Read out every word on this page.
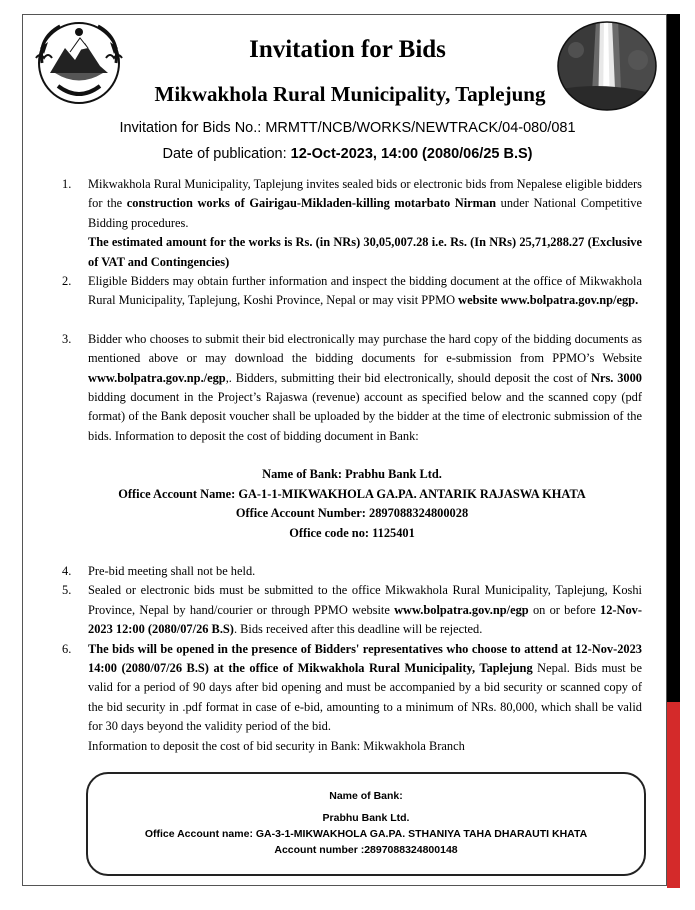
Invitation for Bids
Mikwakhola Rural Municipality, Taplejung
Invitation for Bids No.: MRMTT/NCB/WORKS/NEWTRACK/04-080/081
Date of publication: 12-Oct-2023, 14:00 (2080/06/25 B.S)
1. Mikwakhola Rural Municipality, Taplejung invites sealed bids or electronic bids from Nepalese eligible bidders for the construction works of Gairigau-Mikladen-killing motarbato Nirman under National Competitive Bidding procedures.
The estimated amount for the works is Rs. (in NRs) 30,05,007.28 i.e. Rs. (In NRs) 25,71,288.27 (Exclusive of VAT and Contingencies)
2. Eligible Bidders may obtain further information and inspect the bidding document at the office of Mikwakhola Rural Municipality, Taplejung, Koshi Province, Nepal or may visit PPMO website www.bolpatra.gov.np/egp.
3. Bidder who chooses to submit their bid electronically may purchase the hard copy of the bidding documents as mentioned above or may download the bidding documents for e-submission from PPMO’s Website www.bolpatra.gov.np./egp,. Bidders, submitting their bid electronically, should deposit the cost of Nrs. 3000 bidding document in the Project’s Rajaswa (revenue) account as specified below and the scanned copy (pdf format) of the Bank deposit voucher shall be uploaded by the bidder at the time of electronic submission of the bids. Information to deposit the cost of bidding document in Bank:
Name of Bank: Prabhu Bank Ltd.
Office Account Name: GA-1-1-MIKWAKHOLA GA.PA. ANTARIK RAJASWA KHATA
Office Account Number: 2897088324800028
Office code no: 1125401
4. Pre-bid meeting shall not be held.
5. Sealed or electronic bids must be submitted to the office Mikwakhola Rural Municipality, Taplejung, Koshi Province, Nepal by hand/courier or through PPMO website www.bolpatra.gov.np/egp on or before 12-Nov-2023 12:00 (2080/07/26 B.S). Bids received after this deadline will be rejected.
6. The bids will be opened in the presence of Bidders' representatives who choose to attend at 12-Nov-2023 14:00 (2080/07/26 B.S) at the office of Mikwakhola Rural Municipality, Taplejung Nepal. Bids must be valid for a period of 90 days after bid opening and must be accompanied by a bid security or scanned copy of the bid security in .pdf format in case of e-bid, amounting to a minimum of NRs. 80,000, which shall be valid for 30 days beyond the validity period of the bid.
Information to deposit the cost of bid security in Bank: Mikwakhola Branch
Name of Bank:
Prabhu Bank Ltd.
Office Account name: GA-3-1-MIKWAKHOLA GA.PA. STHANIYA TAHA DHARAUTI KHATA
Account number :2897088324800148
